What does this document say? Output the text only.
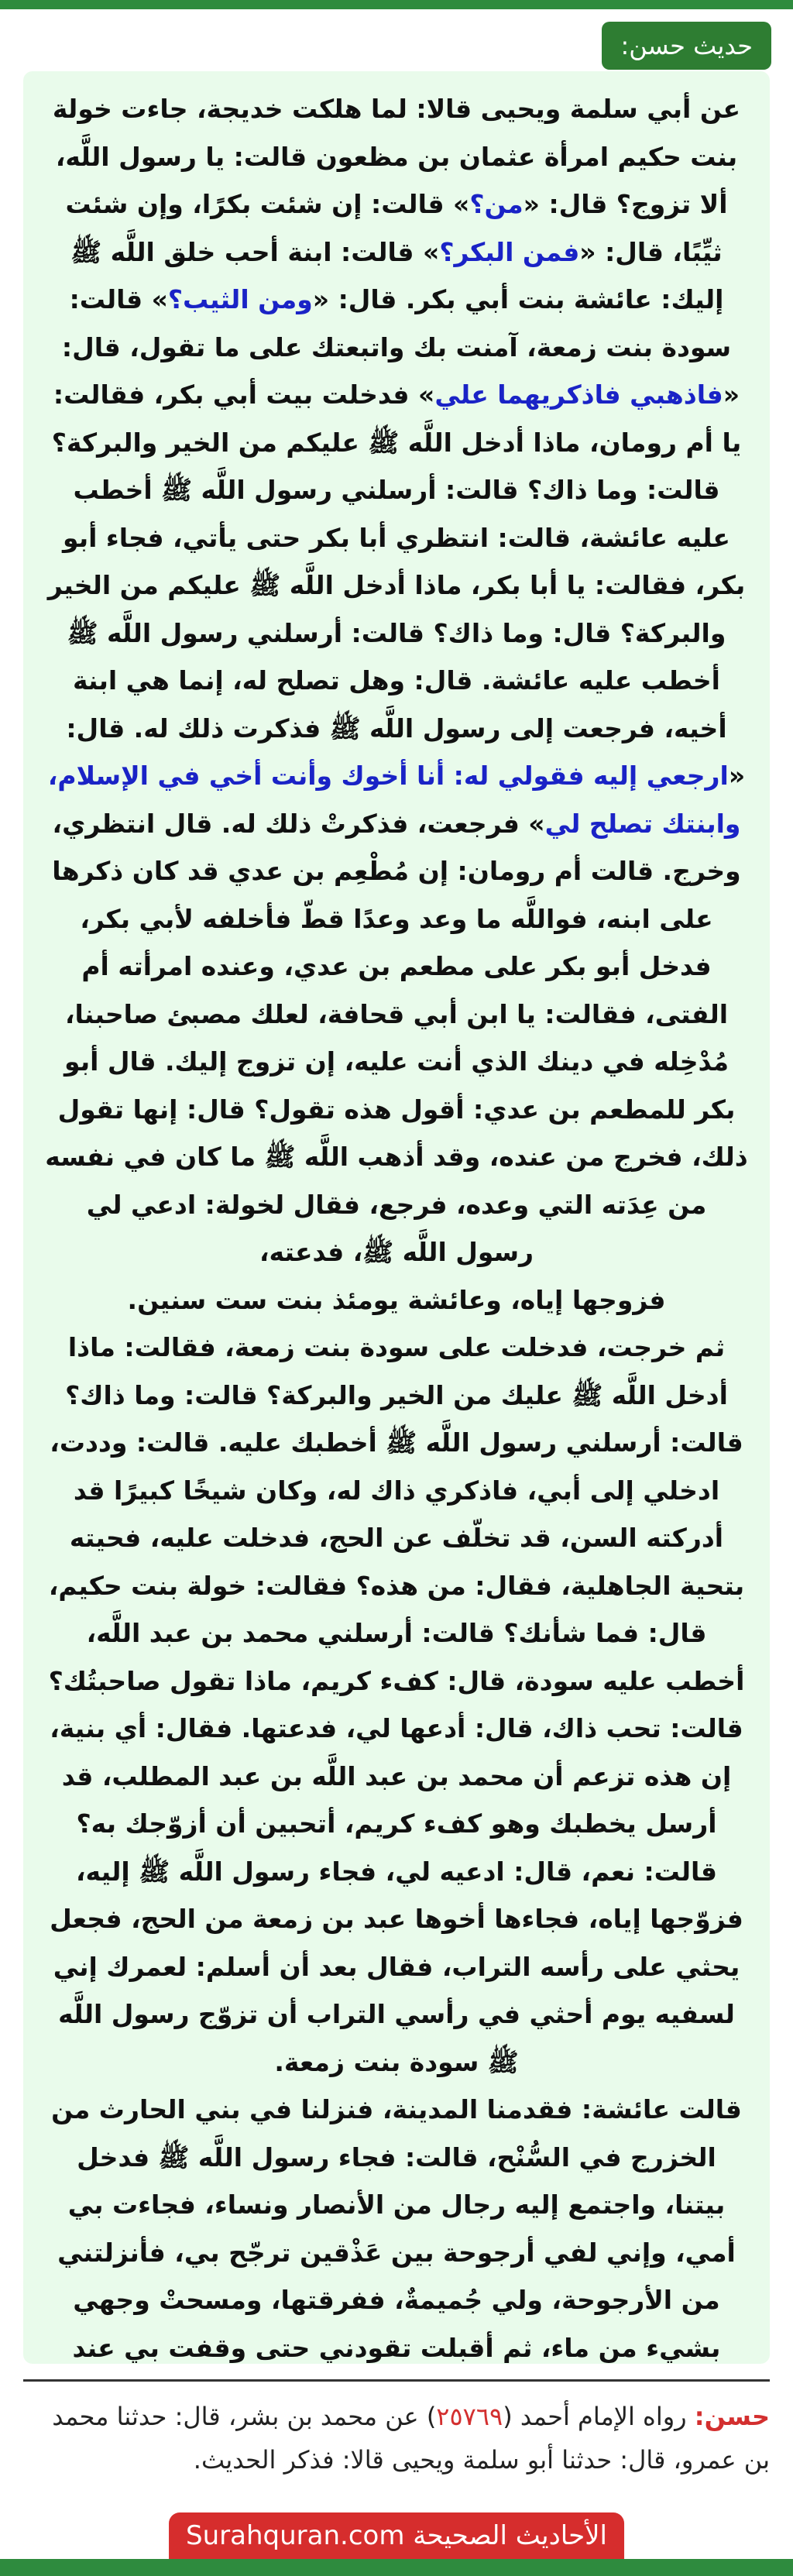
حديث حسن:

عن أبي سلمة ويحيى قالا: لما هلكت خديجة، جاءت خولة بنت حكيم امرأة عثمان بن مظعون قالت: يا رسول اللَّه، ألا تزوج؟ قال: «من؟» قالت: إن شئت بكرًا، وإن شئت ثيِّبًا، قال: «فمن البكر؟» قالت: ابنة أحب خلق اللَّه ﷺ إليك: عائشة بنت أبي بكر. قال: «ومن الثيب؟» قالت: سودة بنت زمعة، آمنت بك واتبعتك على ما تقول، قال: «فاذهبي فاذكريهما علي» فدخلت بيت أبي بكر، فقالت: يا أم رومان، ماذا أدخل اللَّه ﷺ عليكم من الخير والبركة؟ قالت: وما ذاك؟ قالت: أرسلني رسول اللَّه ﷺ أخطب عليه عائشة، قالت: انتظري أبا بكر حتى يأتي، فجاء أبو بكر، فقالت: يا أبا بكر، ماذا أدخل اللَّه ﷺ عليكم من الخير والبركة؟ قال: وما ذاك؟ قالت: أرسلني رسول اللَّه ﷺ أخطب عليه عائشة. قال: وهل تصلح له، إنما هي ابنة أخيه، فرجعت إلى رسول اللَّه ﷺ فذكرت ذلك له. قال: «ارجعي إليه فقولي له: أنا أخوك وأنت أخي في الإسلام، وابنتك تصلح لي» فرجعت، فذكرتْ ذلك له. قال انتظري، وخرج. قالت أم رومان: إن مُطْعِم بن عدي قد كان ذكرها على ابنه، فواللَّه ما وعد وعدًا قطّ فأخلفه لأبي بكر، فدخل أبو بكر على مطعم بن عدي، وعنده امرأته أم الفتى، فقالت: يا ابن أبي قحافة، لعلك مصبئ صاحبنا، مُدْخِله في دينك الذي أنت عليه، إن تزوج إليك. قال أبو بكر للمطعم بن عدي: أقول هذه تقول؟ قال: إنها تقول ذلك، فخرج من عنده، وقد أذهب اللَّه ﷺ ما كان في نفسه من عِدَته التي وعده، فرجع، فقال لخولة: ادعي لي رسول اللَّه ﷺ، فدعته،
فزوجها إياه، وعائشة يومئذ بنت ست سنين.
ثم خرجت، فدخلت على سودة بنت زمعة، فقالت: ماذا أدخل اللَّه ﷺ عليك من الخير والبركة؟ قالت: وما ذاك؟ قالت: أرسلني رسول اللَّه ﷺ أخطبك عليه. قالت: وددت، ادخلي إلى أبي، فاذكري ذاك له، وكان شيخًا كبيرًا قد أدركته السن، قد تخلّف عن الحج، فدخلت عليه، فحيته بتحية الجاهلية، فقال: من هذه؟ فقالت: خولة بنت حكيم، قال: فما شأنك؟ قالت: أرسلني محمد بن عبد اللَّه، أخطب عليه سودة، قال: كفء كريم، ماذا تقول صاحبتُك؟ قالت: تحب ذاك، قال: أدعها لي، فدعتها. فقال: أي بنية، إن هذه تزعم أن محمد بن عبد اللَّه بن عبد المطلب، قد أرسل يخطبك وهو كفء كريم، أتحبين أن أزوّجك به؟ قالت: نعم، قال: ادعيه لي، فجاء رسول اللَّه ﷺ إليه، فزوّجها إياه، فجاءها أخوها عبد بن زمعة من الحج، فجعل يحثي على رأسه التراب، فقال بعد أن أسلم: لعمرك إني لسفيه يوم أحثي في رأسي التراب أن تزوّج رسول اللَّه ﷺ سودة بنت زمعة.
قالت عائشة: فقدمنا المدينة، فنزلنا في بني الحارث من الخزرج في السُّنْح، قالت: فجاء رسول اللَّه ﷺ فدخل بيتنا، واجتمع إليه رجال من الأنصار ونساء، فجاءت بي أمي، وإني لفي أرجوحة بين عَذْقين ترجّح بي، فأنزلتني من الأرجوحة، ولي جُميمةٌ، ففرقتها، ومسحتْ وجهي بشيء من ماء، ثم أقبلت تقودني حتى وقفت بي عند

حسن: رواه الإمام أحمد (٢٥٧٦٩) عن محمد بن بشر، قال: حدثنا محمد بن عمرو، قال: حدثنا أبو سلمة ويحيى قالا: فذكر الحديث.

الأحاديث الصحيحة Surahquran.com
